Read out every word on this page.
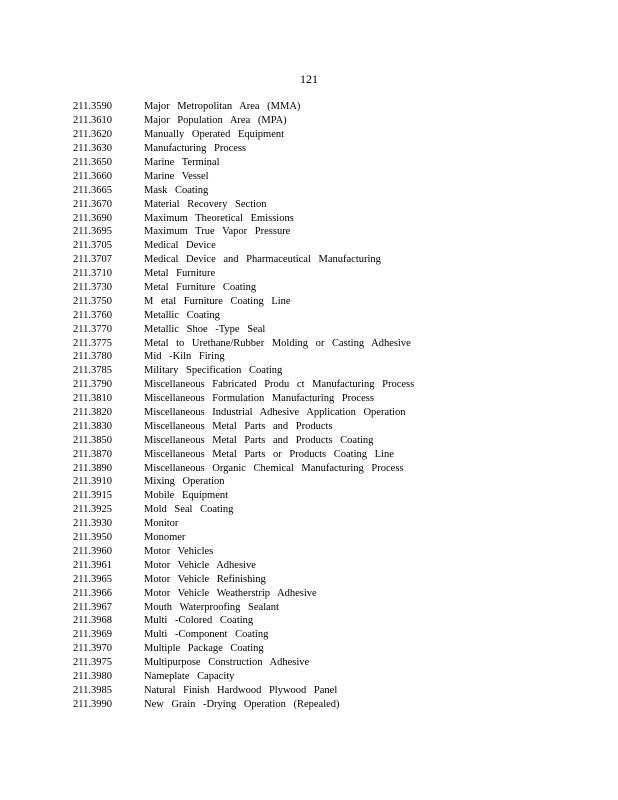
121
211.3590	Major Metropolitan Area (MMA)
211.3610	Major Population Area (MPA)
211.3620	Manually Operated Equipment
211.3630	Manufacturing Process
211.3650	Marine Terminal
211.3660	Marine Vessel
211.3665	Mask Coating
211.3670	Material Recovery Section
211.3690	Maximum Theoretical Emissions
211.3695	Maximum True Vapor Pressure
211.3705	Medical Device
211.3707	Medical Device and Pharmaceutical Manufacturing
211.3710	Metal Furniture
211.3730	Metal Furniture Coating
211.3750	M etal Furniture Coating Line
211.3760	Metallic Coating
211.3770	Metallic Shoe -Type Seal
211.3775	Metal to Urethane/Rubber Molding or Casting Adhesive
211.3780	Mid -Kiln Firing
211.3785	Military Specification Coating
211.3790	Miscellaneous Fabricated Produ ct Manufacturing Process
211.3810	Miscellaneous Formulation Manufacturing Process
211.3820	Miscellaneous Industrial Adhesive Application Operation
211.3830	Miscellaneous Metal Parts and Products
211.3850	Miscellaneous Metal Parts and Products Coating
211.3870	Miscellaneous Metal Parts or Products Coating Line
211.3890	Miscellaneous Organic Chemical Manufacturing Process
211.3910	Mixing Operation
211.3915	Mobile Equipment
211.3925	Mold Seal Coating
211.3930	Monitor
211.3950	Monomer
211.3960	Motor Vehicles
211.3961	Motor Vehicle Adhesive
211.3965	Motor Vehicle Refinishing
211.3966	Motor Vehicle Weatherstrip Adhesive
211.3967	Mouth Waterproofing Sealant
211.3968	Multi -Colored Coating
211.3969	Multi -Component Coating
211.3970	Multiple Package Coating
211.3975	Multipurpose Construction Adhesive
211.3980	Nameplate Capacity
211.3985	Natural Finish Hardwood Plywood Panel
211.3990	New Grain -Drying Operation (Repealed)
